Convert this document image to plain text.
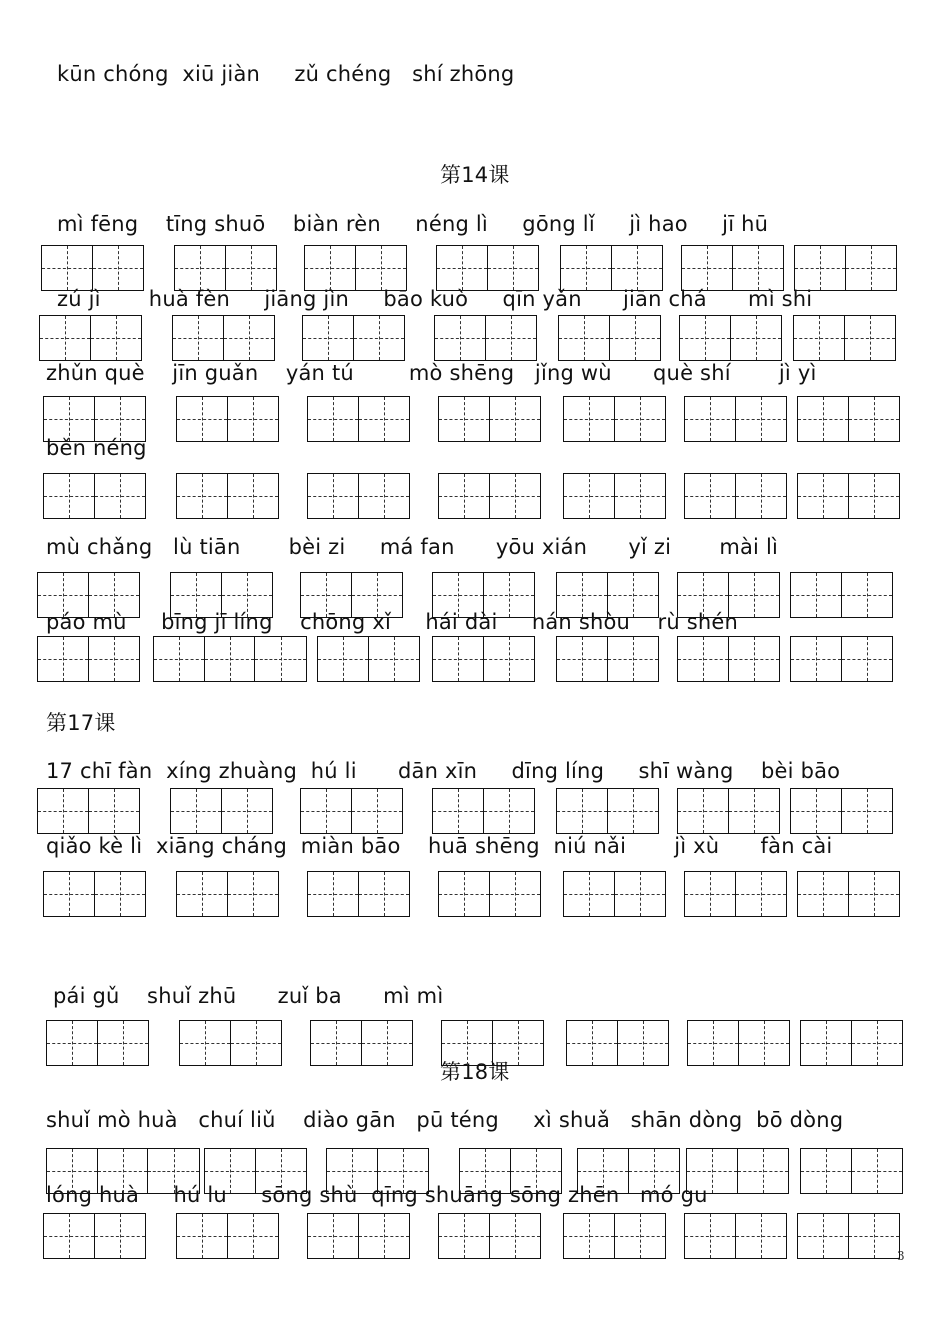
kūn chóng  xiū jiàn     zǔ chéng   shí zhōng
第14课
mì fēng    tīng shuō    biàn rèn     néng lì     gōng lǐ     jì hao     jī hū
zú jì       huà fèn     jiāng jìn     bāo kuò     qīn yǎn      jiān chá      mì shi
zhǔn què    jīn guǎn    yán tú        mò shēng   jǐng wù      què shí       jì yì
běn néng
mù chǎng   lù tiān       bèi zi     má fan      yōu xián      yǐ zi       mài lì
páo mù     bīng jī líng    chōng xǐ     hái dài     nán shòu    rù shén
第17课
17 chī fàn  xíng zhuàng  hú li      dān xīn     dīng líng     shī wàng    bèi bāo
qiǎo kè lì  xiāng cháng  miàn bāo    huā shēng  niú nǎi       jì xù      fàn cài
pái gǔ    shuǐ zhū      zuǐ ba      mì mì
第18课
shuǐ mò huà   chuí liǔ    diào gān   pū téng     xì shuǎ   shān dòng  bō dòng
lóng huà     hú lu     sōng shù  qīng shuāng sōng zhēn   mó gu
3
